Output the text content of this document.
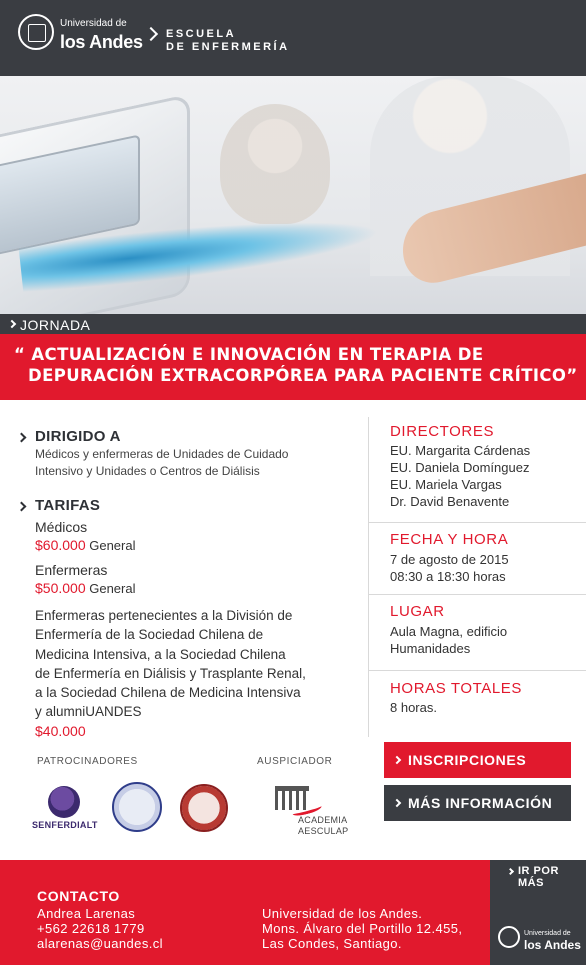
Universidad de
los Andes ESCUELA
DE ENFERMERÍA
JORNADA
“ ACTUALIZACIÓN E INNOVACIÓN EN TERAPIA DE
DEPURACIÓN EXTRACORPÓREA PARA PACIENTE CRÍTICO”
DIRIGIDO A
Médicos y enfermeras de Unidades de Cuidado
Intensivo y Unidades o Centros de Diálisis
TARIFAS
Médicos
$60.000 General
Enfermeras
$50.000 General
Enfermeras pertenecientes a la División de
Enfermería de la Sociedad Chilena de
Medicina Intensiva, a la Sociedad Chilena
de Enfermería en Diálisis y Trasplante Renal,
a la Sociedad Chilena de Medicina Intensiva
y alumniUANDES
$40.000
PATROCINADORES	AUSPICIADOR
SENFERDIALT	ACADEMIA
AESCULAP
DIRECTORES
EU. Margarita Cárdenas
EU. Daniela Domínguez
EU. Mariela Vargas
Dr. David Benavente
FECHA Y HORA
7 de agosto de 2015
08:30 a 18:30 horas
LUGAR
Aula Magna, edificio
Humanidades
HORAS TOTALES
8 horas.
INSCRIPCIONES
MÁS INFORMACIÓN
IR POR MÁS
Universidad de
los Andes
CONTACTO
Andrea Larenas
+562 22618 1779
alarenas@uandes.cl
Universidad de los Andes.
Mons. Álvaro del Portillo 12.455,
Las Condes, Santiago.
